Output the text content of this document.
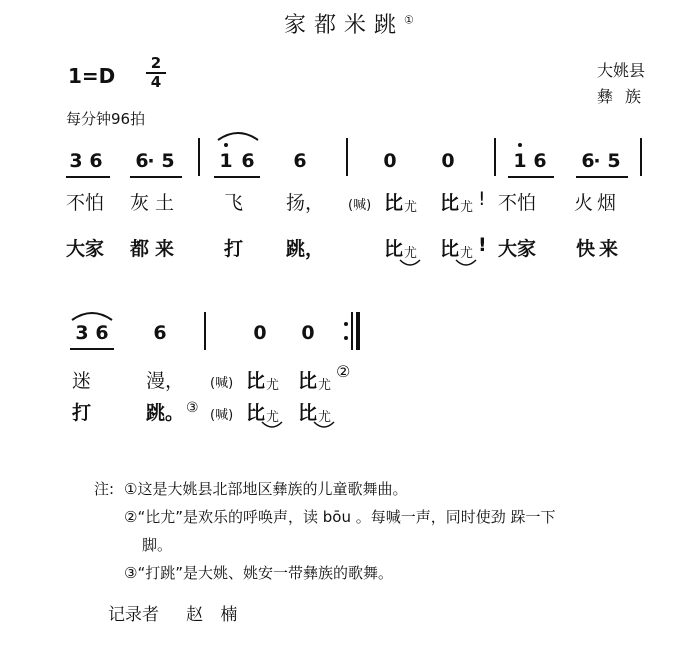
家都米跳①
1=D
2
4
大姚县
彝族
每分钟96拍
3 6 6
· 5 1 6 6	0 0	1 6 6
· 5
不怕 灰土 飞 扬， (喊) 比 尤 比 尤 ! 不怕 火烟
大家 都来 打 跳，	比 尤 比 尤 ! 大家 快来
3 6 6	0 0
迷	漫， (喊) 比 尤 比 尤
②
打	跳。 ③ (喊) 比 尤 比 尤
注: ①这是大姚县北部地区彝族的儿童歌舞曲。
②“比尤”是欢乐的呼唤声，读 bōu 。每喊一声，同时使劲 跺一下
脚。
③“打跳”是大姚、姚安一带彝族的歌舞。
记录者 赵 楠
